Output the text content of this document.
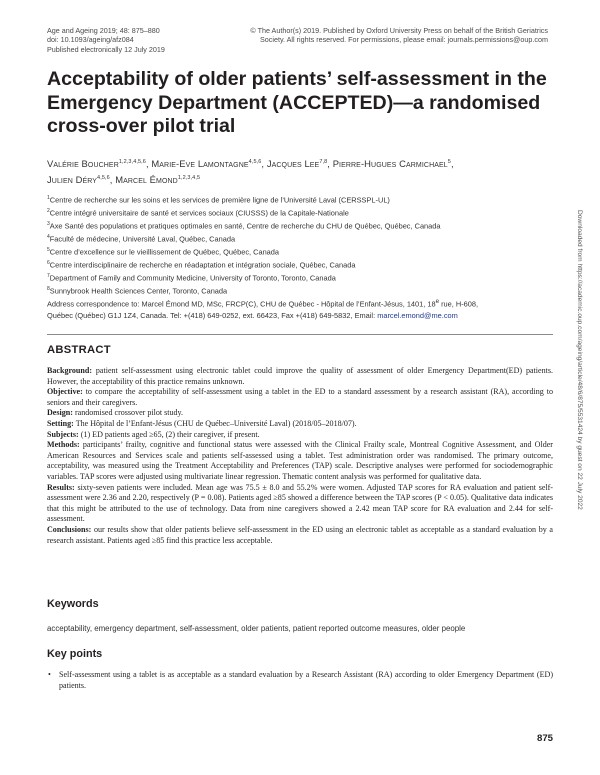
Age and Ageing 2019; 48: 875–880
doi: 10.1093/ageing/afz084
Published electronically 12 July 2019
© The Author(s) 2019. Published by Oxford University Press on behalf of the British Geriatrics
Society. All rights reserved. For permissions, please email: journals.permissions@oup.com
Acceptability of older patients’ self-assessment in the Emergency Department (ACCEPTED)—a randomised cross-over pilot trial
Valérie Boucher$^{1,2,3,4,5,6}$, Marie-Eve Lamontagne$^{4,5,6}$, Jacques Lee$^{7,8}$, Pierre-Hugues Carmichael$^5$,
Julien Déry$^{4,5,6}$, Marcel Émond$^{1,2,3,4,5}$
$^1$Centre de recherche sur les soins et les services de première ligne de l’Université Laval (CERSSPL-UL)
$^2$Centre intégré universitaire de santé et services sociaux (CIUSSS) de la Capitale-Nationale
$^3$Axe Santé des populations et pratiques optimales en santé, Centre de recherche du CHU de Québec, Québec, Canada
$^4$Faculté de médecine, Université Laval, Québec, Canada
$^5$Centre d’excellence sur le vieillissement de Québec, Québec, Canada
$^6$Centre interdisciplinaire de recherche en réadaptation et intégration sociale, Québec, Canada
$^7$Department of Family and Community Medicine, University of Toronto, Toronto, Canada
$^8$Sunnybrook Health Sciences Center, Toronto, Canada
Address correspondence to: Marcel Émond MD, MSc, FRCP(C), CHU de Québec - Hôpital de l’Enfant-Jésus, 1401, 18e rue, H-608,
Québec (Québec) G1J 1Z4, Canada. Tel: +(418) 649-0252, ext. 66423, Fax +(418) 649-5832, Email: marcel.emond@me.com
ABSTRACT

Background: patient self-assessment using electronic tablet could improve the quality of assessment of older Emergency Department(ED) patients. However, the acceptability of this practice remains unknown.

Objective: to compare the acceptability of self-assessment using a tablet in the ED to a standard assessment by a research assistant (RA), according to seniors and their caregivers.

Design: randomised crossover pilot study.

Setting: The Hôpital de l’Enfant-Jésus (CHU de Québec–Université Laval) (2018/05–2018/07).

Subjects: (1) ED patients aged ≥65, (2) their caregiver, if present.

Methods: participants’ frailty, cognitive and functional status were assessed with the Clinical Frailty scale, Montreal Cognitive Assessment, and Older American Resources and Services scale and patients self-assessed using a tablet. Test administration order was randomised. The primary outcome, acceptability, was measured using the Treatment Acceptability and Preferences (TAP) scale. Descriptive analyses were performed for sociodemographic variables. TAP scores were adjusted using multivariate linear regression. Thematic content analysis was performed for qualitative data.

Results: sixty-seven patients were included. Mean age was 75.5 ± 8.0 and 55.2% were women. Adjusted TAP scores for RA evaluation and patient self-assessment were 2.36 and 2.20, respectively (P = 0.08). Patients aged ≥85 showed a difference between the TAP scores (P < 0.05). Qualitative data indicates that this might be attributed to the use of technology. Data from nine caregivers showed a 2.42 mean TAP score for RA evaluation and 2.44 for self-assessment.

Conclusions: our results show that older patients believe self-assessment in the ED using an electronic tablet as acceptable as a standard evaluation by a research assistant. Patients aged ≥85 find this practice less acceptable.

Keywords
acceptability, emergency department, self-assessment, older patients, patient reported outcome measures, older people
Key points
• Self-assessment using a tablet is as acceptable as a standard evaluation by a Research Assistant (RA) according to older Emergency Department (ED) patients.
875
Downloaded from https://academic.oup.com/ageing/article/48/6/875/5531424 by guest on 22 July 2022
